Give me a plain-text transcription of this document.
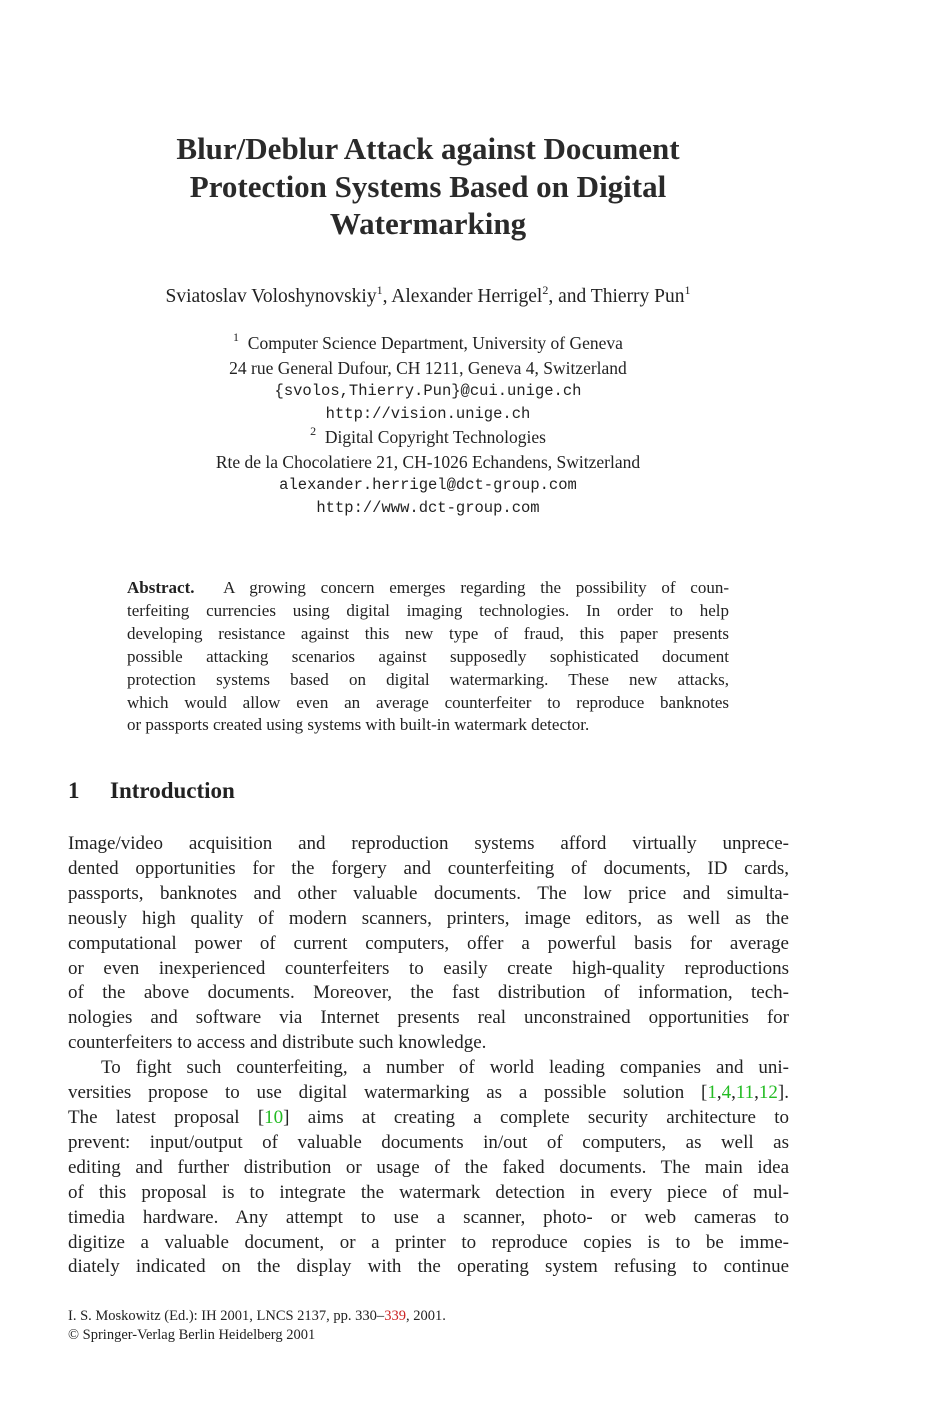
Blur/Deblur Attack against Document
Protection Systems Based on Digital
Watermarking
Sviatoslav Voloshynovskiy$^1$, Alexander Herrigel$^2$, and Thierry Pun$^1$
$^1$ Computer Science Department, University of Geneva
24 rue General Dufour, CH 1211, Geneva 4, Switzerland
{svolos,Thierry.Pun}@cui.unige.ch
http://vision.unige.ch
$^2$ Digital Copyright Technologies
Rte de la Chocolatiere 21, CH-1026 Echandens, Switzerland
alexander.herrigel@dct-group.com
http://www.dct-group.com
Abstract. A growing concern emerges regarding the possibility of coun-
terfeiting currencies using digital imaging technologies. In order to help
developing resistance against this new type of fraud, this paper presents
possible attacking scenarios against supposedly sophisticated document
protection systems based on digital watermarking. These new attacks,
which would allow even an average counterfeiter to reproduce banknotes
or passports created using systems with built-in watermark detector.
1 Introduction
Image/video acquisition and reproduction systems afford virtually unprece-
dented opportunities for the forgery and counterfeiting of documents, ID cards,
passports, banknotes and other valuable documents. The low price and simulta-
neously high quality of modern scanners, printers, image editors, as well as the
computational power of current computers, offer a powerful basis for average
or even inexperienced counterfeiters to easily create high-quality reproductions
of the above documents. Moreover, the fast distribution of information, tech-
nologies and software via Internet presents real unconstrained opportunities for
counterfeiters to access and distribute such knowledge.
To fight such counterfeiting, a number of world leading companies and uni-
versities propose to use digital watermarking as a possible solution [1,4,11,12].
The latest proposal [10] aims at creating a complete security architecture to
prevent: input/output of valuable documents in/out of computers, as well as
editing and further distribution or usage of the faked documents. The main idea
of this proposal is to integrate the watermark detection in every piece of mul-
timedia hardware. Any attempt to use a scanner, photo- or web cameras to
digitize a valuable document, or a printer to reproduce copies is to be imme-
diately indicated on the display with the operating system refusing to continue
I. S. Moskowitz (Ed.): IH 2001, LNCS 2137, pp. 330–339, 2001.
© Springer-Verlag Berlin Heidelberg 2001
